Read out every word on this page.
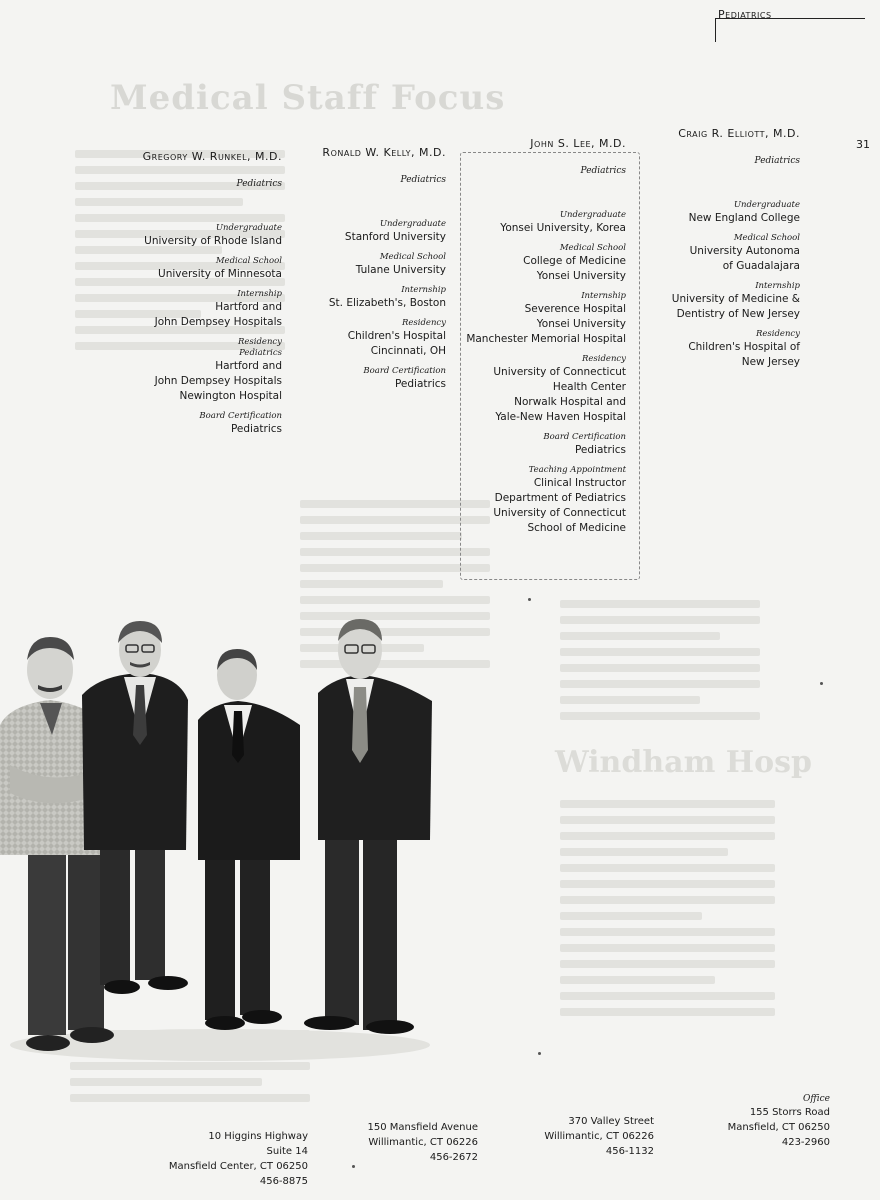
Medical Staff Focus
Windham Hosp
Pediatrics
31
Gregory W. Runkel, M.D.
Pediatrics
Undergraduate
University of Rhode Island
Medical School
University of Minnesota
Internship
Hartford and
John Dempsey Hospitals
Residency
Pediatrics
Hartford and
John Dempsey Hospitals
Newington Hospital
Board Certification
Pediatrics
Ronald W. Kelly, M.D.
Pediatrics
Undergraduate
Stanford University
Medical School
Tulane University
Internship
St. Elizabeth's, Boston
Residency
Children's Hospital
Cincinnati, OH
Board Certification
Pediatrics
John S. Lee, M.D.
Pediatrics
Undergraduate
Yonsei University, Korea
Medical School
College of Medicine
Yonsei University
Internship
Severence Hospital
Yonsei University
Manchester Memorial Hospital
Residency
University of Connecticut
Health Center
Norwalk Hospital and
Yale-New Haven Hospital
Board Certification
Pediatrics
Teaching Appointment
Clinical Instructor
Department of Pediatrics
University of Connecticut
School of Medicine
Craig R. Elliott, M.D.
Pediatrics
Undergraduate
New England College
Medical School
University Autonoma
of Guadalajara
Internship
University of Medicine &
Dentistry of New Jersey
Residency
Children's Hospital of
New Jersey
10 Higgins Highway
Suite 14
Mansfield Center, CT 06250
456-8875
150 Mansfield Avenue
Willimantic, CT 06226
456-2672
370 Valley Street
Willimantic, CT 06226
456-1132
Office
155 Storrs Road
Mansfield, CT 06250
423-2960
